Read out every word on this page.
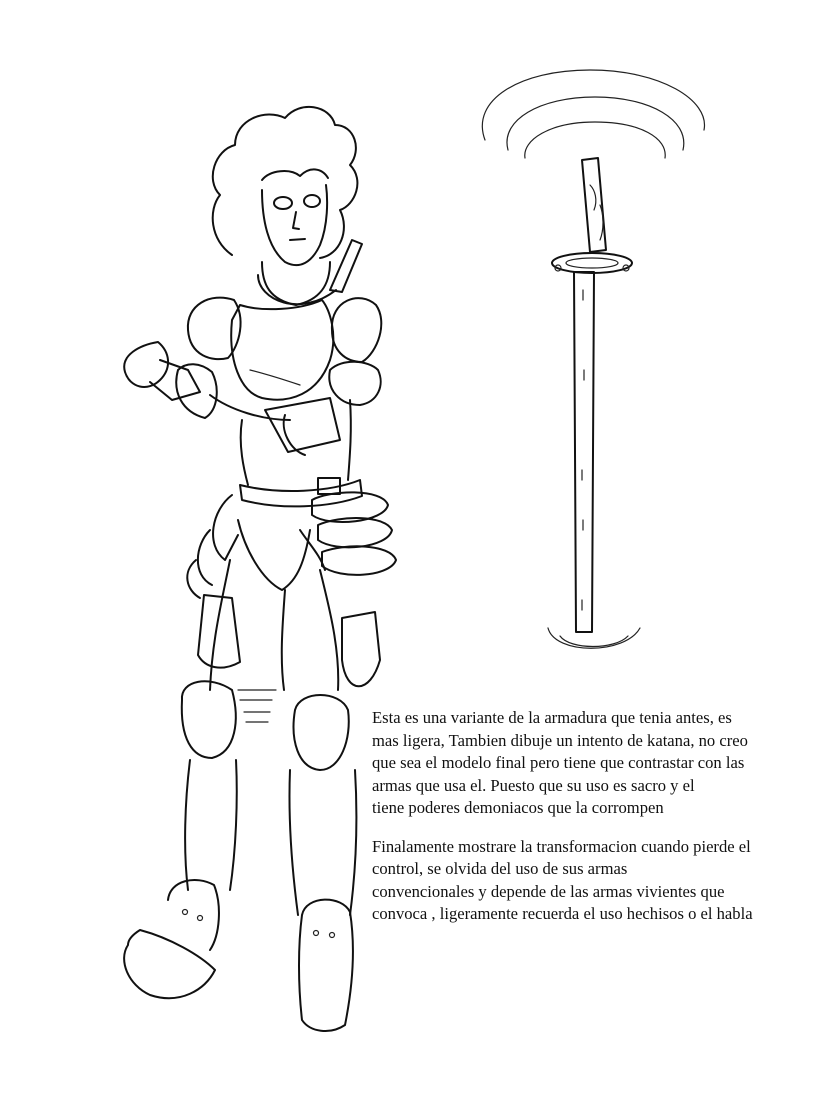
Esta es una variante de la armadura que tenia antes, es
mas ligera, Tambien dibuje un intento de katana, no creo
que sea el modelo final pero tiene que contrastar con las
armas que usa el. Puesto que su uso es sacro y el
tiene poderes demoniacos que la corrompen

Finalamente mostrare la transformacion cuando pierde el
control, se olvida del uso de sus armas
convencionales y depende de las armas vivientes que
convoca , ligeramente recuerda el uso hechisos o el habla
